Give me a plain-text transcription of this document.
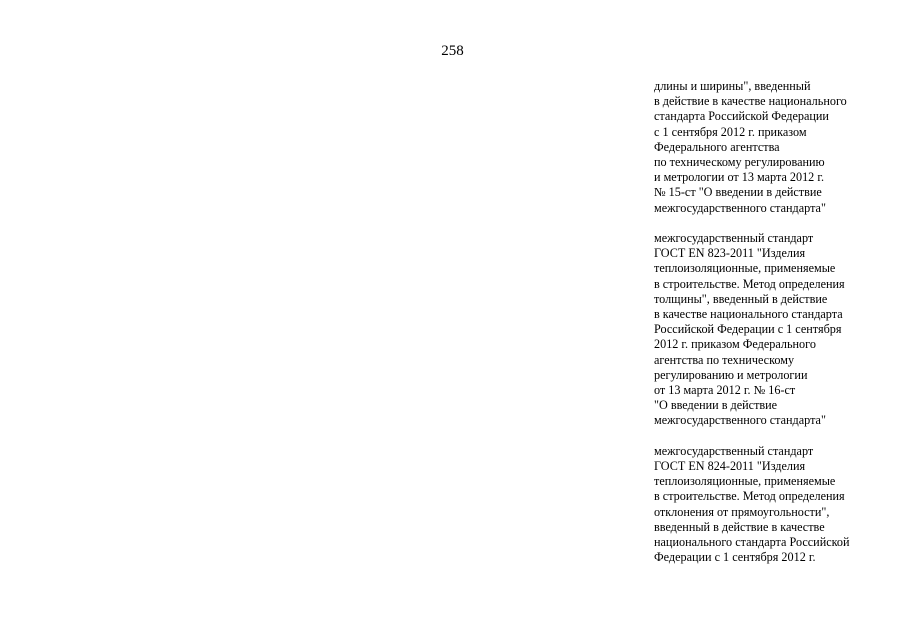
258
длины и ширины", введенный
в действие в качестве национального
стандарта Российской Федерации
с 1 сентября 2012 г. приказом
Федерального агентства
по техническому регулированию
и метрологии от 13 марта 2012 г.
№ 15-ст "О введении в действие
межгосударственного стандарта"
межгосударственный стандарт
ГОСТ EN 823-2011 "Изделия
теплоизоляционные, применяемые
в строительстве. Метод определения
толщины", введенный в действие
в качестве национального стандарта
Российской Федерации с 1 сентября
2012 г. приказом Федерального
агентства по техническому
регулированию и метрологии
от 13 марта 2012 г. № 16-ст
"О введении в действие
межгосударственного стандарта"
межгосударственный стандарт
ГОСТ EN 824-2011 "Изделия
теплоизоляционные, применяемые
в строительстве. Метод определения
отклонения от прямоугольности",
введенный в действие в качестве
национального стандарта Российской
Федерации с 1 сентября 2012 г.
